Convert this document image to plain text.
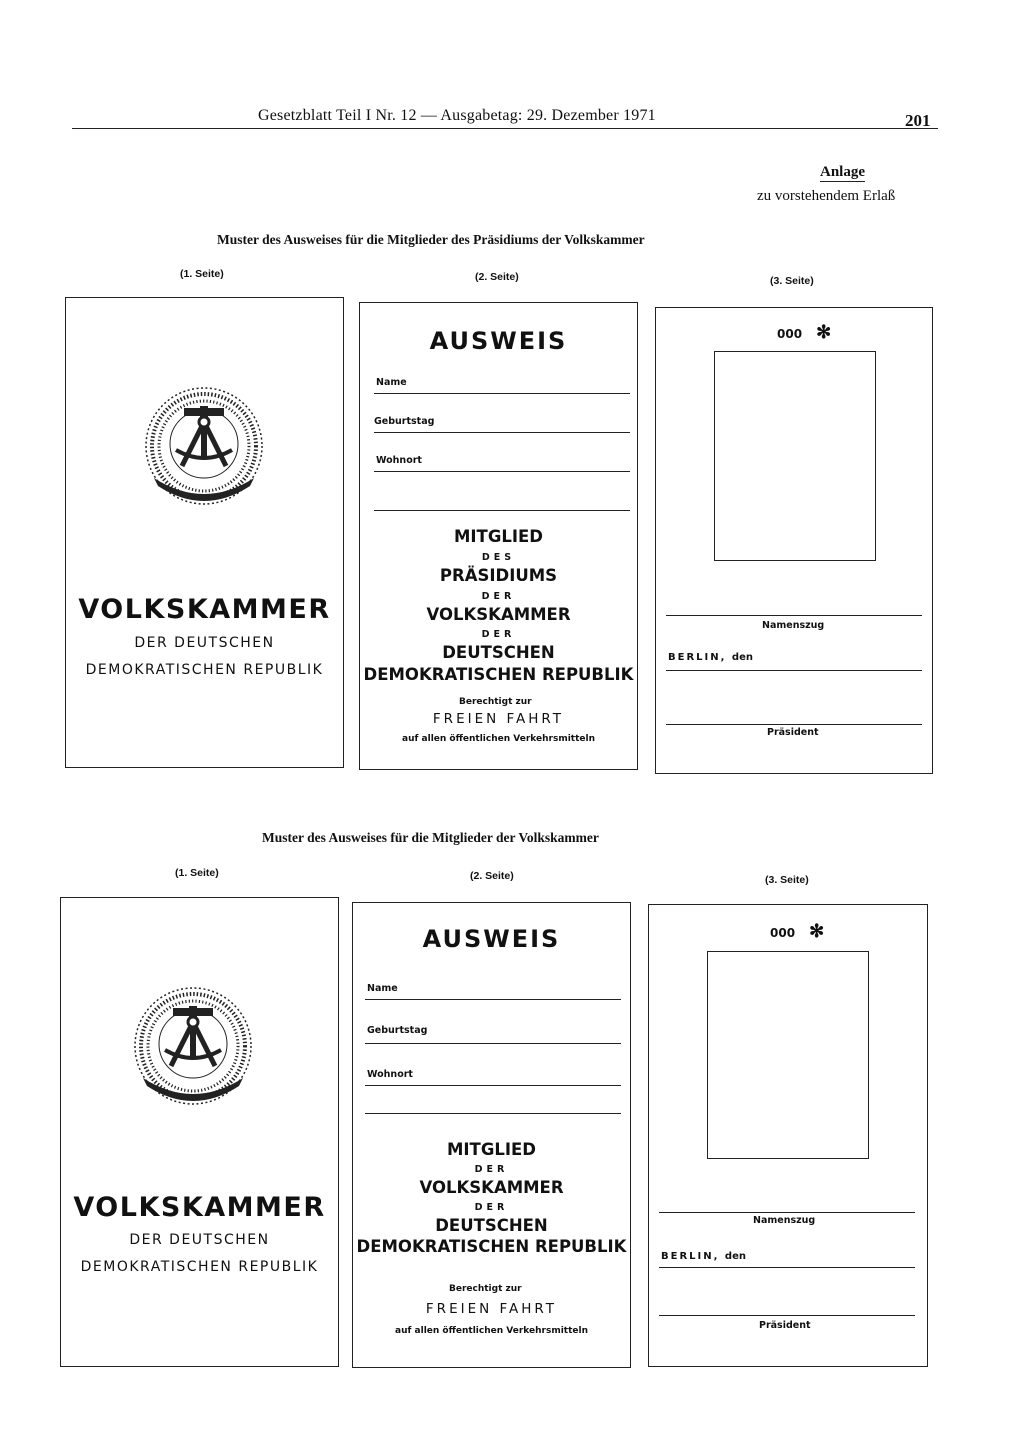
Gesetzblatt Teil I Nr. 12 — Ausgabetag: 29. Dezember 1971	201
Anlage
zu vorstehendem Erlaß
Muster des Ausweises für die Mitglieder des Präsidiums der Volkskammer
(1. Seite)	(2. Seite)	(3. Seite)
VOLKSKAMMER
DER DEUTSCHEN
DEMOKRATISCHEN REPUBLIK
AUSWEIS
Name
Geburtstag
Wohnort
MITGLIED
DES
PRÄSIDIUMS
DER
VOLKSKAMMER
DER
DEUTSCHEN
DEMOKRATISCHEN REPUBLIK
Berechtigt zur
FREIEN FAHRT
auf allen öffentlichen Verkehrsmitteln
000 ✻
Namenszug
BERLIN, den
Präsident
Muster des Ausweises für die Mitglieder der Volkskammer
(1. Seite)	(2. Seite)	(3. Seite)
VOLKSKAMMER
DER DEUTSCHEN
DEMOKRATISCHEN REPUBLIK
AUSWEIS
Name
Geburtstag
Wohnort
MITGLIED
DER
VOLKSKAMMER
DER
DEUTSCHEN
DEMOKRATISCHEN REPUBLIK
Berechtigt zur
FREIEN FAHRT
auf allen öffentlichen Verkehrsmitteln
000 ✻
Namenszug
BERLIN, den
Präsident
